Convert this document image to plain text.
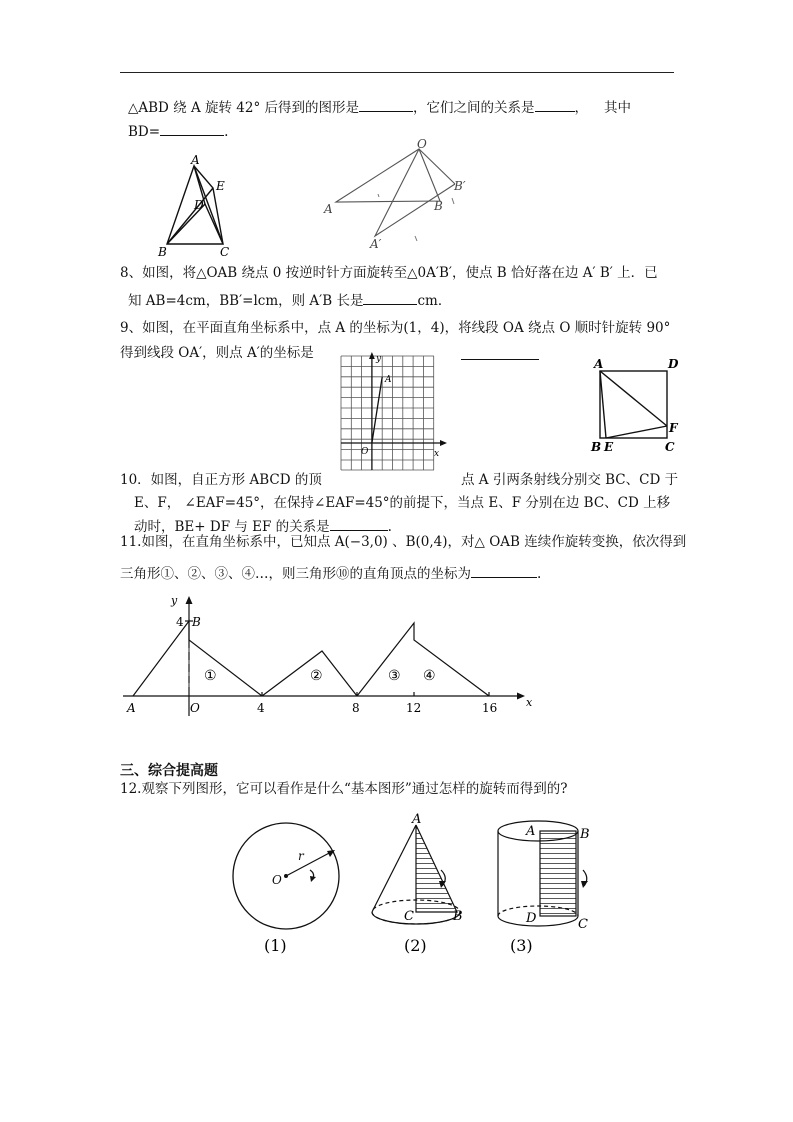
△ABD 绕 A 旋转 42° 后得到的图形是	，它们之间的关系是	， 其中
BD=	.
A
E
D
B	C
O
A	B
A′
B′
8、如图，将△OAB 绕点 0 按逆时针方面旋转至△0A′B′，使点 B 恰好落在边 A′ B′ 上．已
知 AB=4cm，BB′=lcm，则 A′B 长是	cm．
9、如图，在平面直角坐标系中，点 A 的坐标为(1，4)，将线段 OA 绕点 O 顺时针旋转 90°
得到线段 OA′，则点 A′的坐标是	y
x
O
A
A	D
B E
F
C
10．如图，自正方形 ABCD 的顶	点 A 引两条射线分别交 BC、CD 于
E、F， ∠EAF=45°，在保持∠EAF=45°的前提下，当点 E、F 分别在边 BC、CD 上移
动时，BE+ DF 与 EF 的关系是	.
11.如图，在直角坐标系中，已知点 A(−3,0) 、B(0,4)，对△ OAB 连续作旋转变换，依次得到
三角形①、②、③、④…，则三角形⑩的直角顶点的坐标为	.
y
x
4 B
A	O	4	8	12	16
①	②	③ ④
三、综合提高题
12.观察下列图形，它可以看作是什么“基本图形”通过怎样的旋转而得到的?
A
C	B
A	B
D	C
(1)	(2)	(3)
O
r
